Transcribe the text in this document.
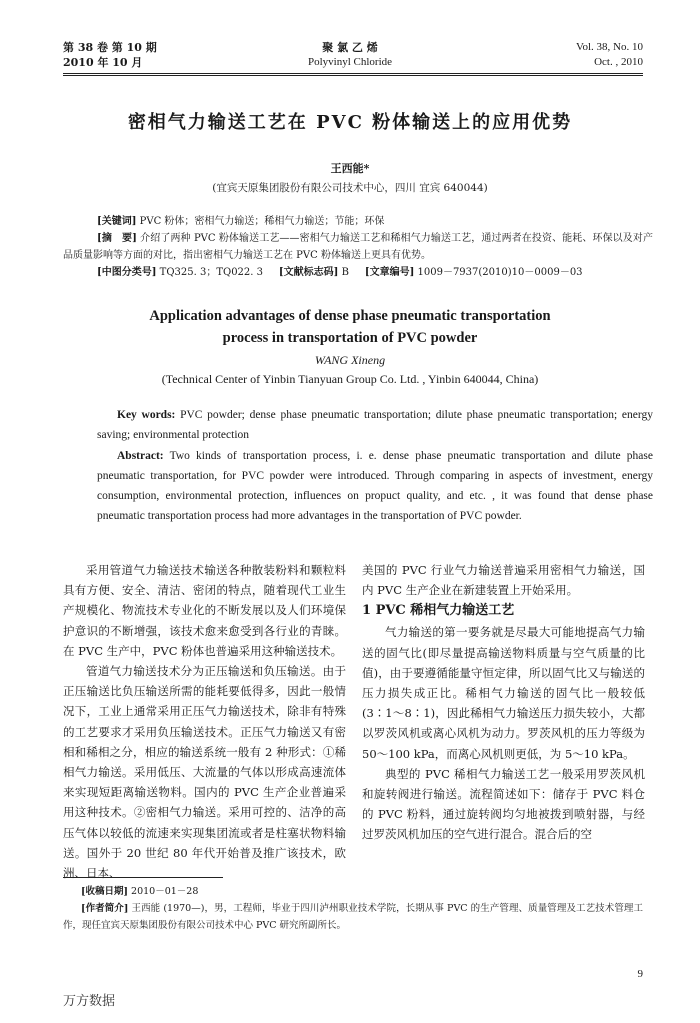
第 38 卷 第 10 期
2010 年 10 月
聚 氯 乙 烯
Polyvinyl Chloride
Vol. 38, No. 10
Oct. , 2010
密相气力输送工艺在 PVC 粉体输送上的应用优势
王西能*
(宜宾天原集团股份有限公司技术中心，四川 宜宾 640044)
[关键词] PVC 粉体；密相气力输送；稀相气力输送；节能；环保
[摘　要] 介绍了两种 PVC 粉体输送工艺——密相气力输送工艺和稀相气力输送工艺，通过两者在投资、能耗、环保以及对产品质量影响等方面的对比，指出密相气力输送工艺在 PVC 粉体输送上更具有优势。
[中图分类号] TQ325. 3；TQ022. 3 [文献标志码] B [文章编号] 1009－7937(2010)10－0009－03
Application advantages of dense phase pneumatic transportation
process in transportation of PVC powder
WANG Xineng
(Technical Center of Yinbin Tianyuan Group Co. Ltd. , Yinbin 640044, China)
Key words: PVC powder; dense phase pneumatic transportation; dilute phase pneumatic transportation; energy saving; environmental protection
Abstract: Two kinds of transportation process, i. e. dense phase pneumatic transportation and dilute phase pneumatic transportation, for PVC powder were introduced. Through comparing in aspects of investment, energy consumption, environmental protection, influences on propuct quality, and etc. , it was found that dense phase pneumatic transportation process had more advantages in the transportation of PVC powder.

采用管道气力输送技术输送各种散装粉料和颗粒料具有方便、安全、清洁、密闭的特点，随着现代工业生产规模化、物流技术专业化的不断发展以及人们环境保护意识的不断增强，该技术愈来愈受到各行业的青睐。在 PVC 生产中，PVC 粉体也普遍采用这种输送技术。

管道气力输送技术分为正压输送和负压输送。由于正压输送比负压输送所需的能耗要低得多，因此一般情况下，工业上通常采用正压气力输送技术，除非有特殊的工艺要求才采用负压输送技术。正压气力输送又有密相和稀相之分，相应的输送系统一般有 2 种形式：①稀相气力输送。采用低压、大流量的气体以形成高速流体来实现短距离输送物料。国内的 PVC 生产企业普遍采用这种技术。②密相气力输送。采用可控的、洁净的高压气体以较低的流速来实现集团流或者是柱塞状物料输送。国外于 20 世纪 80 年代开始普及推广该技术，欧洲、日本、

美国的 PVC 行业气力输送普遍采用密相气力输送，国内 PVC 生产企业在新建装置上开始采用。

1 PVC 稀相气力输送工艺

气力输送的第一要务就是尽最大可能地提高气力输送的固气比(即尽量提高输送物料质量与空气质量的比值)，由于要遵循能量守恒定律，所以固气比又与输送的压力损失成正比。稀相气力输送的固气比一般较低(3∶1～8∶1)，因此稀相气力输送压力损失较小，大都以罗茨风机或离心风机为动力。罗茨风机的压力等级为 50～100 kPa，而离心风机则更低，为 5～10 kPa。

典型的 PVC 稀相气力输送工艺一般采用罗茨风机和旋转阀进行输送。流程简述如下：储存于 PVC 料仓的 PVC 粉料，通过旋转阀均匀地被拨到喷射器，与经过罗茨风机加压的空气进行混合。混合后的空

[收稿日期] 2010－01－28
[作者简介] 王西能 (1970—)，男，工程师，毕业于四川泸州职业技术学院，长期从事 PVC 的生产管理、质量管理及工艺技术管理工作，现任宜宾天原集团股份有限公司技术中心 PVC 研究所副所长。
9
万方数据
